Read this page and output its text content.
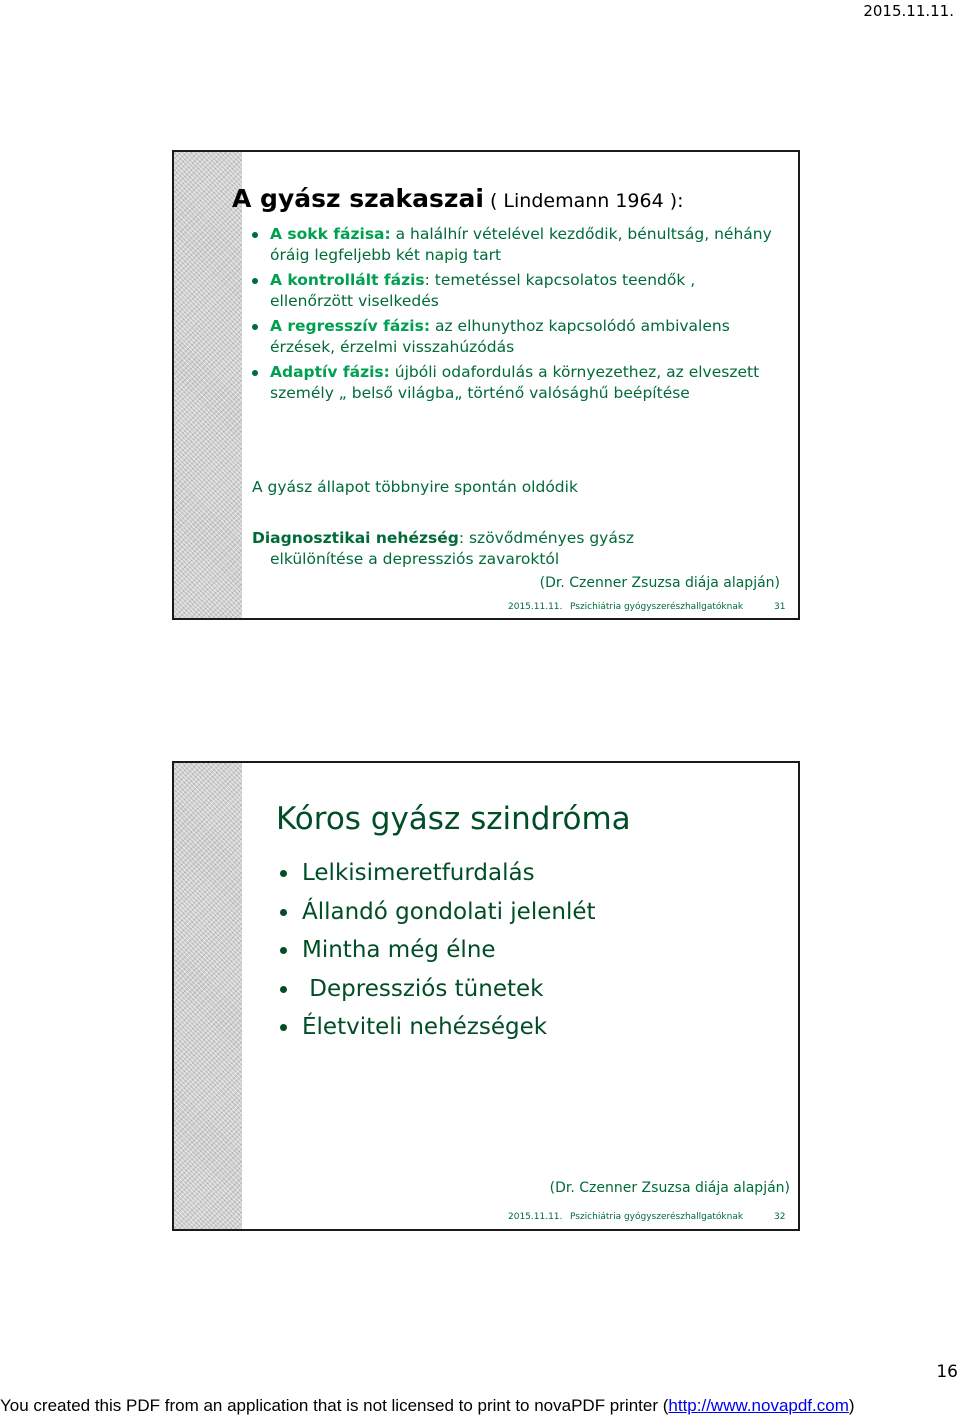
2015.11.11.
A gyász szakaszai ( Lindemann 1964 ):
A sokk fázisa: a halálhír vételével kezdődik, bénultság, néhány óráig legfeljebb két napig tart
A kontrollált fázis: temetéssel kapcsolatos teendők , ellenőrzött viselkedés
A regresszív fázis: az elhunythoz kapcsolódó ambivalens érzések, érzelmi visszahúzódás
Adaptív fázis: újbóli odafordulás a környezethez, az elveszett személy „ belső világba„ történő valósághű beépítése
A gyász állapot többnyire spontán oldódik
Diagnosztikai nehézség: szövődményes gyász
elkülönítése a depressziós zavaroktól
(Dr. Czenner Zsuzsa diája alapján)
2015.11.11. Pszichiátria gyógyszerészhallgatóknak	31
Kóros gyász szindróma
Lelkisimeretfurdalás
Állandó gondolati jelenlét
Mintha még élne
Depressziós tünetek
Életviteli nehézségek
(Dr. Czenner Zsuzsa diája alapján)
2015.11.11. Pszichiátria gyógyszerészhallgatóknak	32
16
You created this PDF from an application that is not licensed to print to novaPDF printer (http://www.novapdf.com)
